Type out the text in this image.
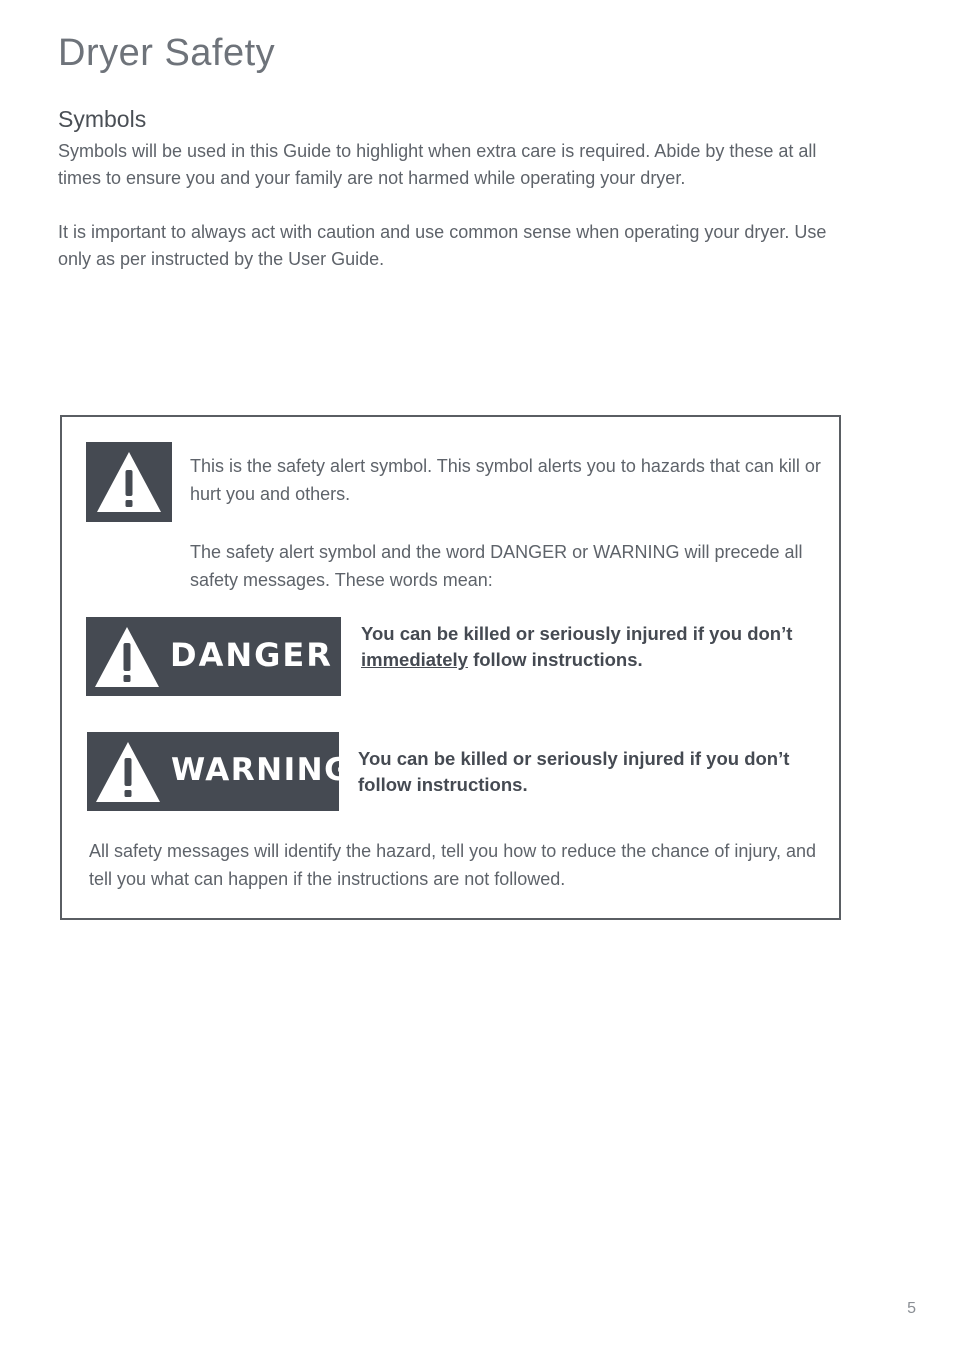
Dryer Safety
Symbols

Symbols will be used in this Guide to highlight when extra care is required. Abide by these at all times to ensure you and your family are not harmed while operating your dryer.

It is important to always act with caution and use common sense when operating your dryer. Use only as per instructed by the User Guide.

This is the safety alert symbol. This symbol alerts you to hazards that can kill or hurt you and others.

The safety alert symbol and the word DANGER or WARNING will precede all safety messages. These words mean:

DANGER

You can be killed or seriously injured if you don’t immediately follow instructions.

WARNING You can be killed or seriously injured if you don’t follow instructions.

All safety messages will identify the hazard, tell you how to reduce the chance of injury, and tell you what can happen if the instructions are not followed.

5
